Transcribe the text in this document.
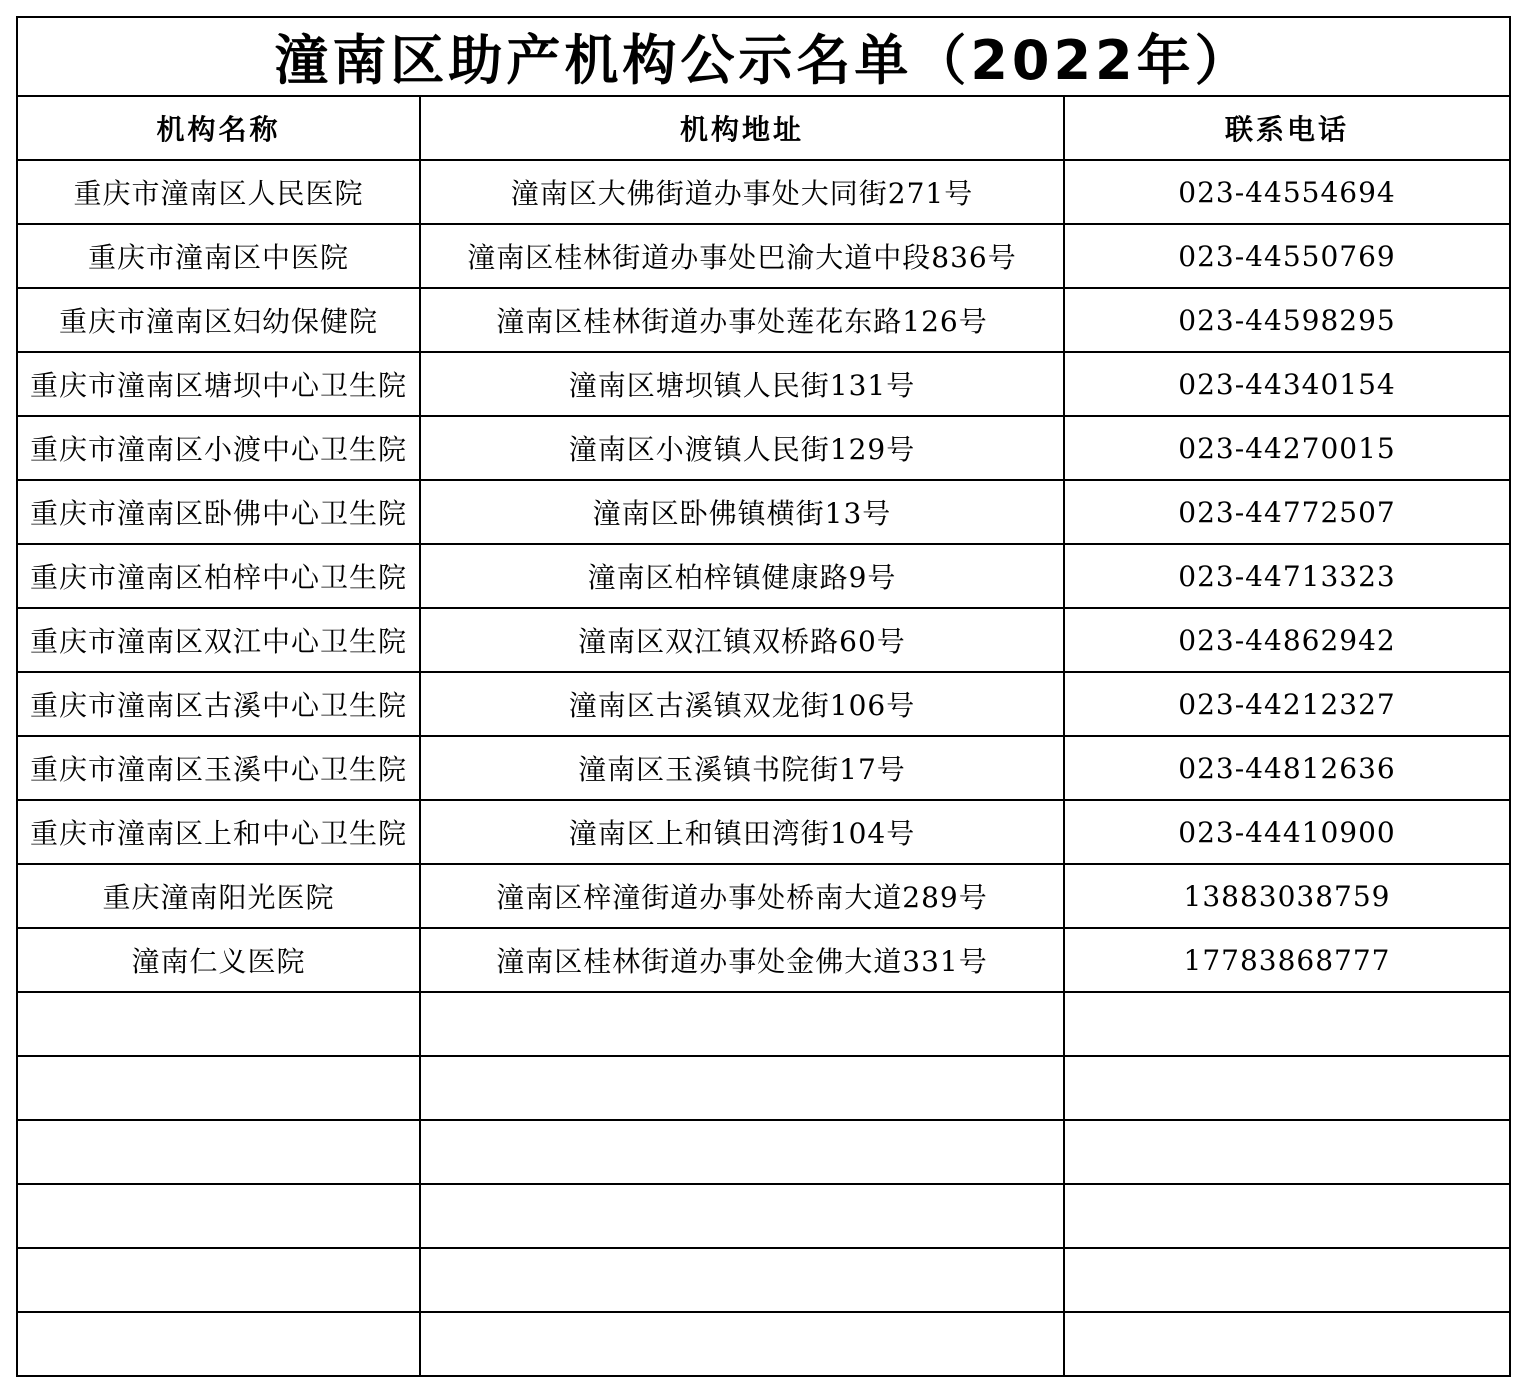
潼南区助产机构公示名单（2022年）		
机构名称	机构地址	联系电话
重庆市潼南区人民医院	潼南区大佛街道办事处大同街271号	023-44554694
重庆市潼南区中医院	潼南区桂林街道办事处巴渝大道中段836号	023-44550769
重庆市潼南区妇幼保健院	潼南区桂林街道办事处莲花东路126号	023-44598295
重庆市潼南区塘坝中心卫生院	潼南区塘坝镇人民街131号	023-44340154
重庆市潼南区小渡中心卫生院	潼南区小渡镇人民街129号	023-44270015
重庆市潼南区卧佛中心卫生院	潼南区卧佛镇横街13号	023-44772507
重庆市潼南区柏梓中心卫生院	潼南区柏梓镇健康路9号	023-44713323
重庆市潼南区双江中心卫生院	潼南区双江镇双桥路60号	023-44862942
重庆市潼南区古溪中心卫生院	潼南区古溪镇双龙街106号	023-44212327
重庆市潼南区玉溪中心卫生院	潼南区玉溪镇书院街17号	023-44812636
重庆市潼南区上和中心卫生院	潼南区上和镇田湾街104号	023-44410900
重庆潼南阳光医院	潼南区梓潼街道办事处桥南大道289号	13883038759
潼南仁义医院	潼南区桂林街道办事处金佛大道331号	17783868777
